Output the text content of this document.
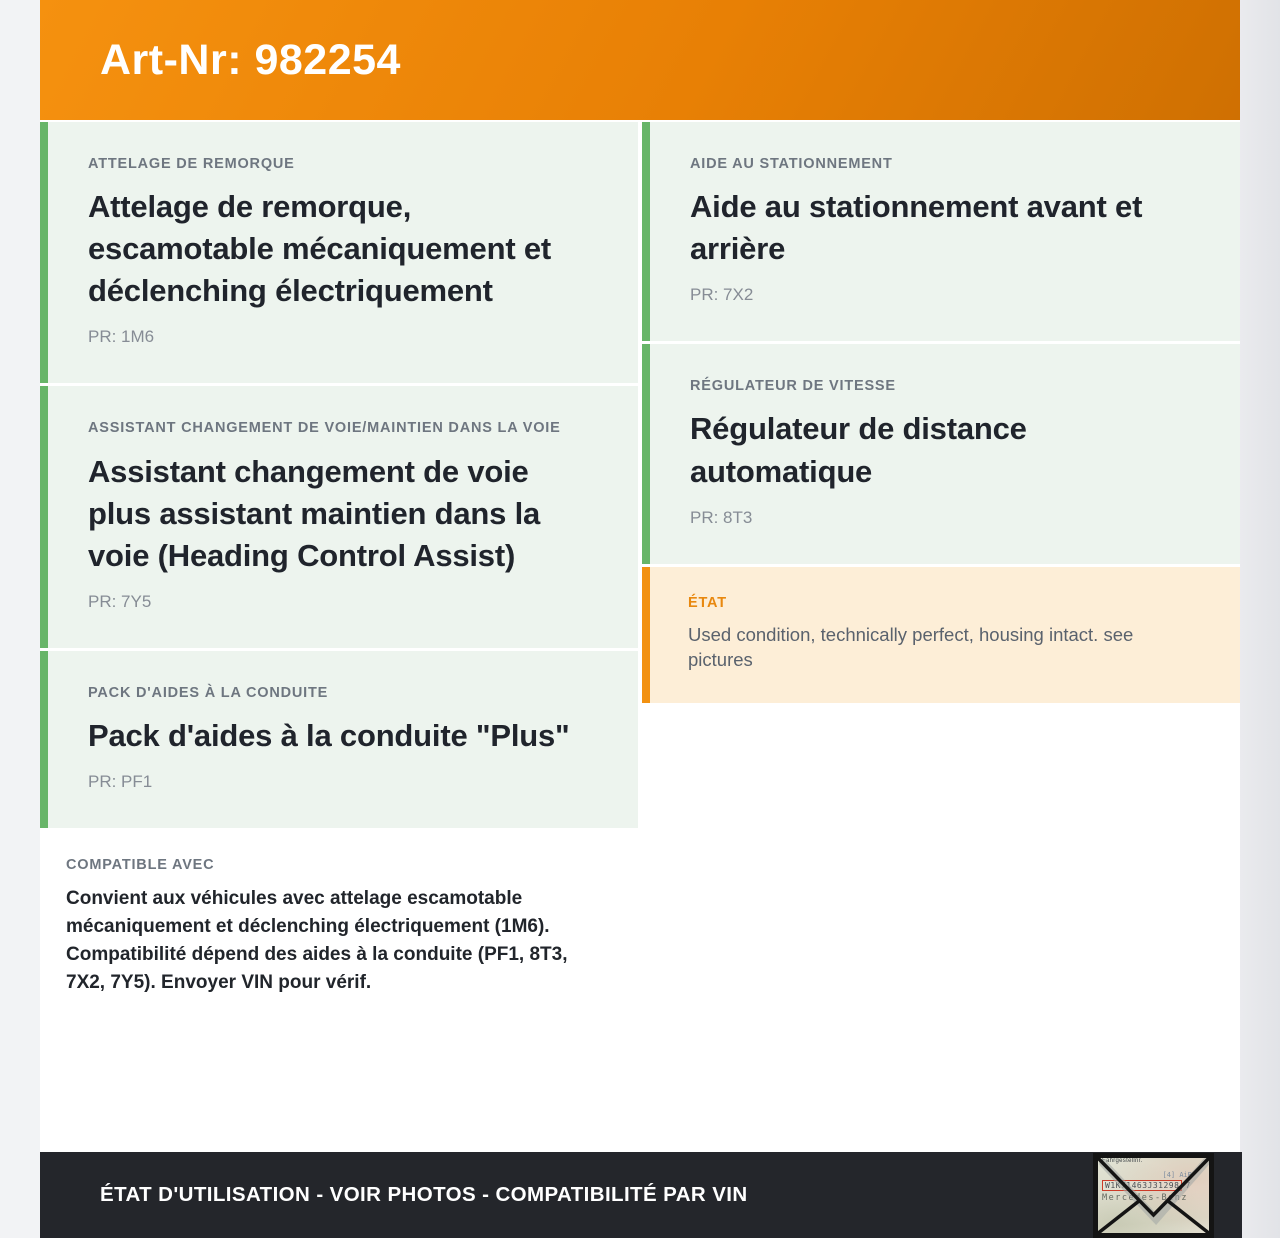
Art-Nr: 982254
ATTELAGE DE REMORQUE
Attelage de remorque, escamotable mécaniquement et déclenching électriquement
PR: 1M6
ASSISTANT CHANGEMENT DE VOIE/MAINTIEN DANS LA VOIE
Assistant changement de voie plus assistant maintien dans la voie (Heading Control Assist)
PR: 7Y5
PACK D'AIDES À LA CONDUITE
Pack d'aides à la conduite "Plus"
PR: PF1
COMPATIBLE AVEC

Convient aux véhicules avec attelage escamotable mécaniquement et déclenching électriquement (1M6). Compatibilité dépend des aides à la conduite (PF1, 8T3, 7X2, 7Y5). Envoyer VIN pour vérif.

AIDE AU STATIONNEMENT
Aide au stationnement avant et arrière
PR: 7X2
RÉGULATEUR DE VITESSE
Régulateur de distance automatique
PR: 8T3
ÉTAT

Used condition, technically perfect, housing intact. see pictures

ÉTAT D'UTILISATION - VOIR PHOTOS - COMPATIBILITÉ PAR VIN
Fahrgestellnr.
[4] AiB
W1K71463J31298 7
Mercedes-Benz
